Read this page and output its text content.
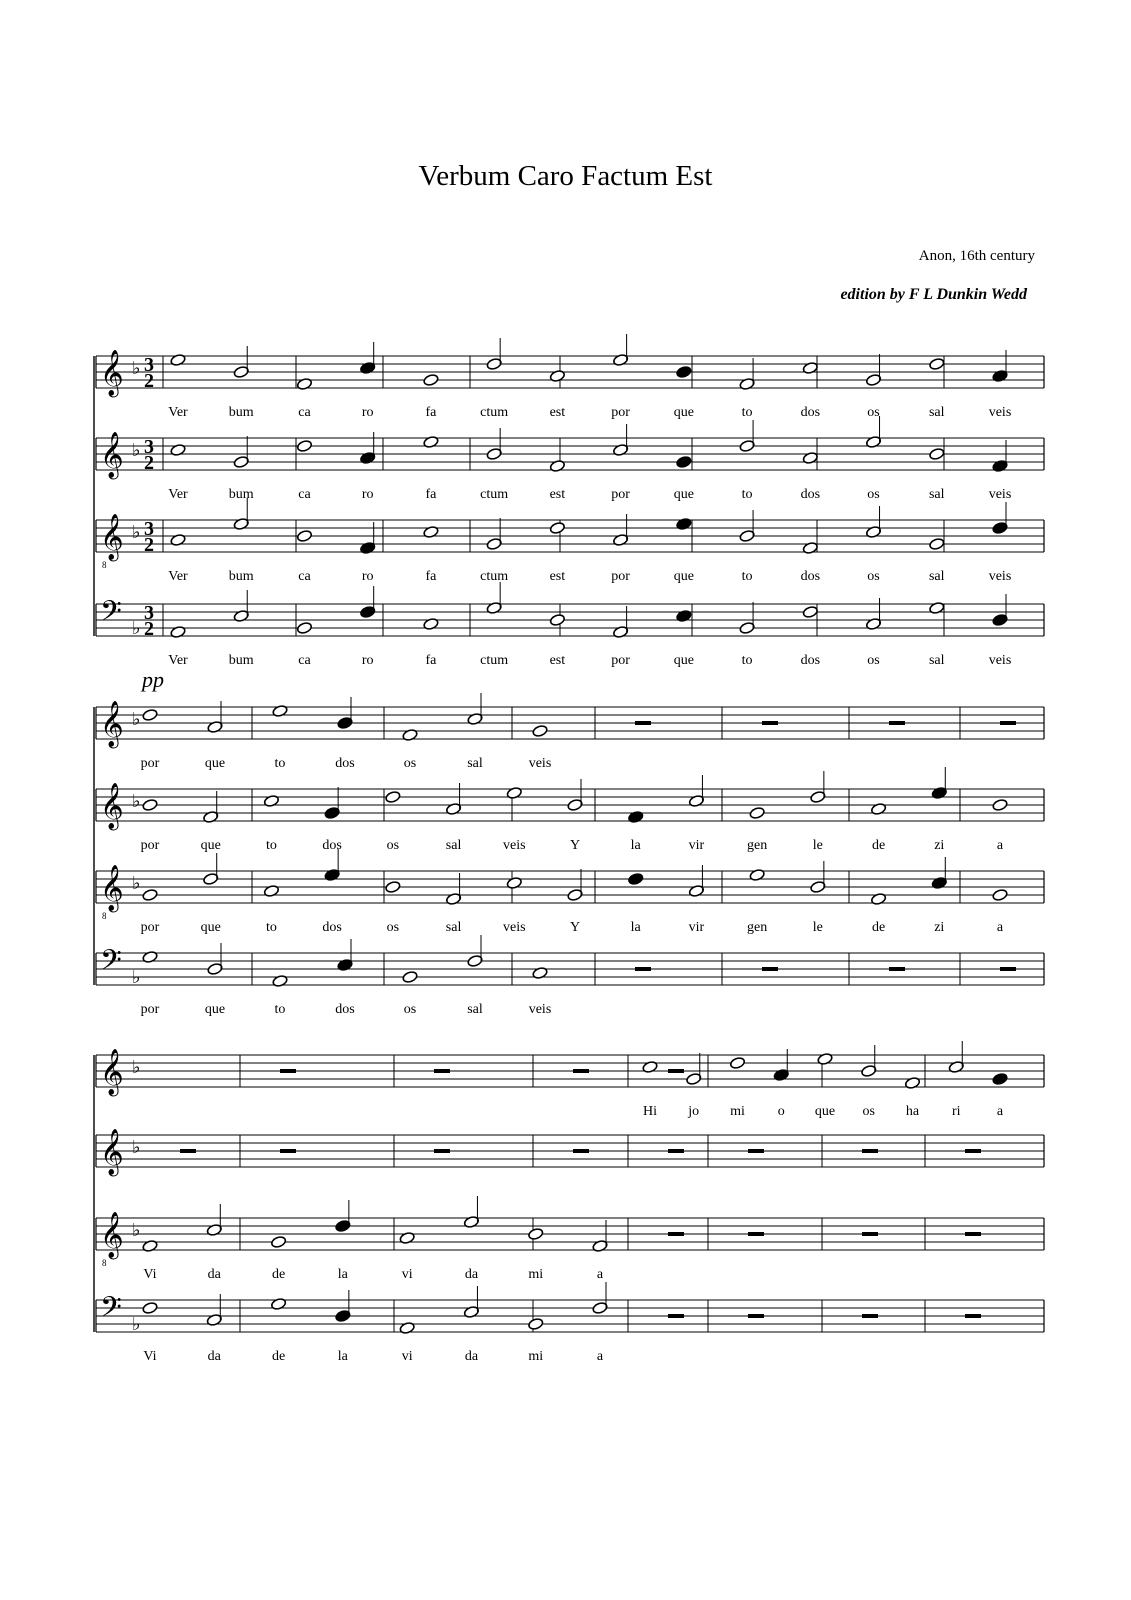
Verbum Caro Factum Est
Anon, 16th century
edition by F L Dunkin Wedd
𝄞 ♭ 3
2
Ver	bum	ca	ro	fa	ctum	est	por	que	to	dos	os	sal	veis
𝄞 ♭ 3
2
Ver	bum	ca	ro	fa	ctum	est	por	que	to	dos	os	sal	veis
𝄞
8
♭ 3
2
Ver	bum	ca	ro	fa	ctum	est	por	que	to	dos	os	sal	veis
𝄢 ♭
3
2
Ver	bum	ca	ro	fa	ctum	est	por	que	to	dos	os	sal	veis
𝄞 ♭
por	que	to	dos	os	sal	veis
𝄞 ♭
por	que	to	dos	os	sal	veis	Y	la	vir	gen	le	de	zi	a
𝄞
8
♭
por	que	to	dos	os	sal	veis	Y	la	vir	gen	le	de	zi	a
𝄢 ♭
por	que	to	dos	os	sal	veis
pp
𝄞 ♭
Hi jo mi o que os ha ri	a
𝄞 ♭
𝄞
8
♭
Vi	da	de	la	vi	da	mi	a
𝄢 ♭
Vi	da	de	la	vi	da	mi	a
